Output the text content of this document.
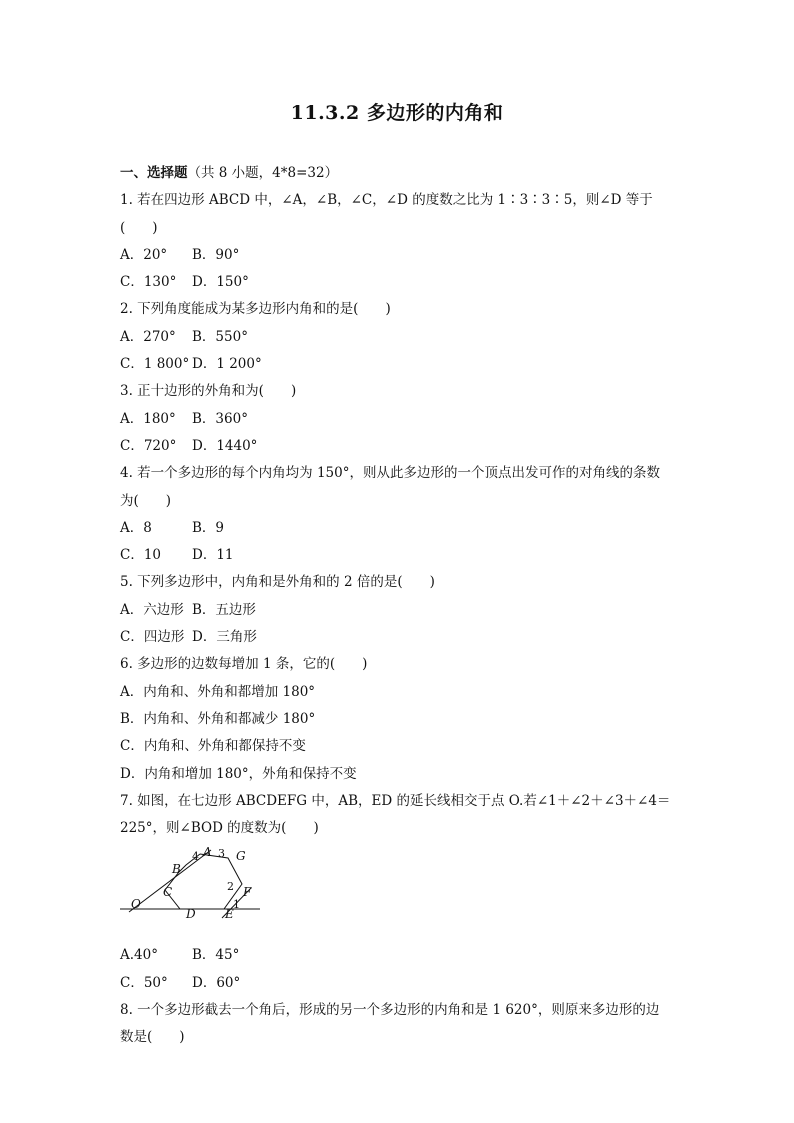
11.3.2 多边形的内角和
一、选择题（共 8 小题，4*8=32）
1. 若在四边形 ABCD 中，∠A，∠B，∠C，∠D 的度数之比为 1∶3∶3∶5，则∠D 等于
(　　)
A．20° B．90°
C．130° D．150°
2. 下列角度能成为某多边形内角和的是(　　)
A．270° B．550°
C．1 800° D．1 200°
3. 正十边形的外角和为(　　)
A．180° B．360°
C．720° D．1440°
4. 若一个多边形的每个内角均为 150°，则从此多边形的一个顶点出发可作的对角线的条数
为(　　)
A．8	B．9
C．10 D．11
5. 下列多边形中，内角和是外角和的 2 倍的是(　　)
A．六边形 B．五边形
C．四边形 D．三角形
6. 多边形的边数每增加 1 条，它的(　　)
A．内角和、外角和都增加 180°
B．内角和、外角和都减少 180°
C．内角和、外角和都保持不变
D．内角和增加 180°，外角和保持不变
7. 如图，在七边形 ABCDEFG 中，AB，ED 的延长线相交于点 O.若∠1＋∠2＋∠3＋∠4＝
225°，则∠BOD 的度数为(　　)
A
B
C
D E
F
G
O	1
2
3
4
A.40°	B．45°
C．50° D．60°
8. 一个多边形截去一个角后，形成的另一个多边形的内角和是 1 620°，则原来多边形的边
数是(　　)
